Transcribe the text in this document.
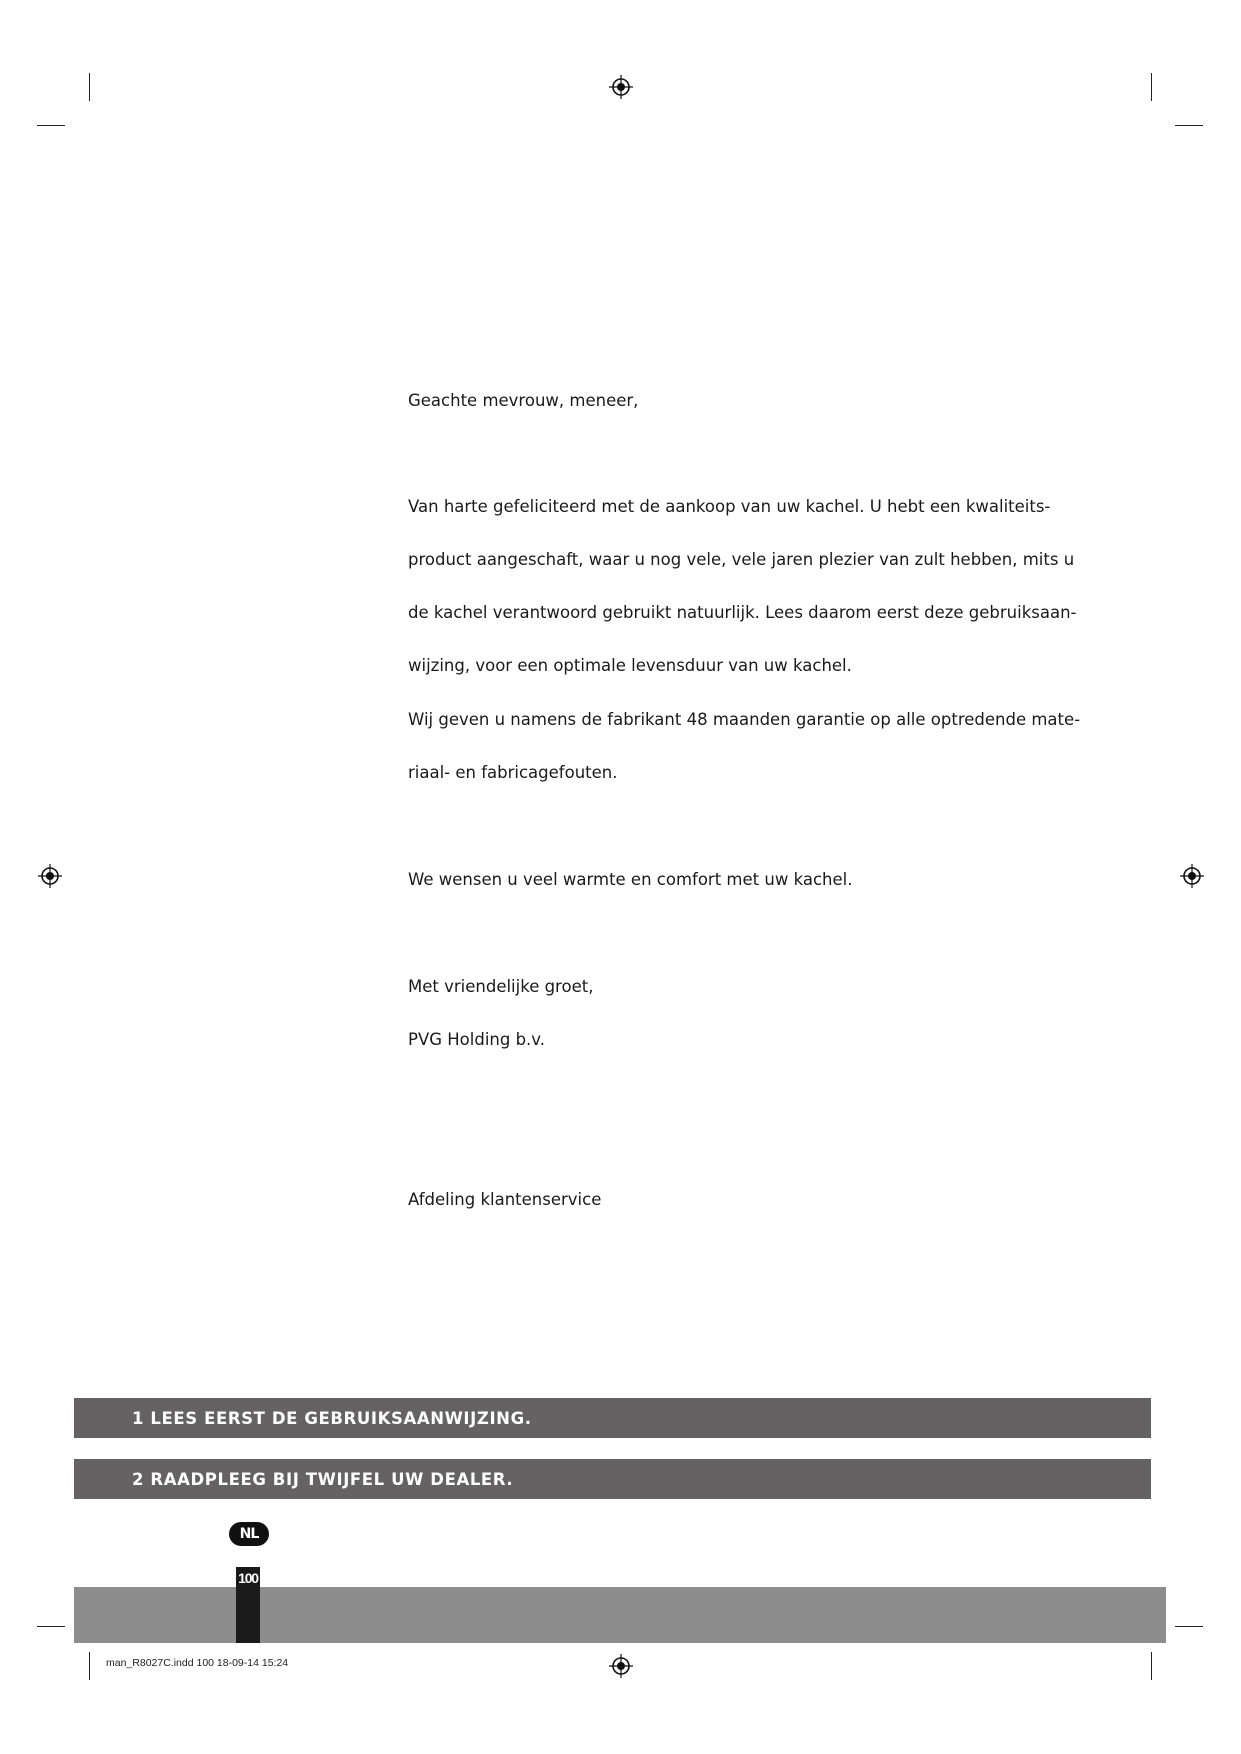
Geachte mevrouw, meneer,

Van harte gefeliciteerd met de aankoop van uw kachel. U hebt een kwaliteits-

product aangeschaft, waar u nog vele, vele jaren plezier van zult hebben, mits u

de kachel verantwoord gebruikt natuurlijk. Lees daarom eerst deze gebruiksaan-

wijzing, voor een optimale levensduur van uw kachel.

Wij geven u namens de fabrikant 48 maanden garantie op alle optredende mate-

riaal- en fabricagefouten.

We wensen u veel warmte en comfort met uw kachel.

Met vriendelijke groet,

PVG Holding b.v.

Afdeling klantenservice

1 LEES EERST DE GEBRUIKSAANWIJZING.
2 RAADPLEEG BIJ TWIJFEL UW DEALER.
NL
100
man_R8027C.indd 100 18-09-14 15:24
